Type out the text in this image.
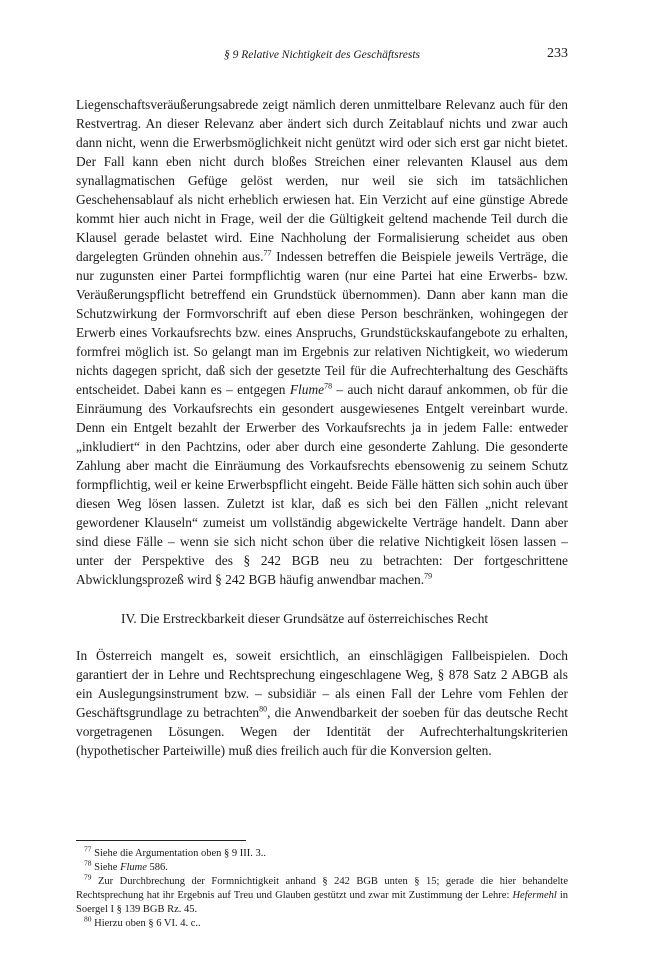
§ 9 Relative Nichtigkeit des Geschäftsrests	233

Liegenschaftsveräußerungsabrede zeigt nämlich deren unmittelbare Relevanz auch für den Restvertrag. An dieser Relevanz aber ändert sich durch Zeitablauf nichts und zwar auch dann nicht, wenn die Erwerbsmöglichkeit nicht genützt wird oder sich erst gar nicht bietet. Der Fall kann eben nicht durch bloßes Streichen einer relevanten Klausel aus dem synallagmatischen Gefüge gelöst werden, nur weil sie sich im tatsächlichen Geschehensablauf als nicht erheblich erwiesen hat. Ein Verzicht auf eine günstige Abrede kommt hier auch nicht in Frage, weil der die Gültigkeit geltend machende Teil durch die Klausel gerade belastet wird. Eine Nachholung der Formalisierung scheidet aus oben dargelegten Gründen ohnehin aus.$^{77}$ Indessen betreffen die Beispiele jeweils Verträge, die nur zugunsten einer Partei formpflichtig waren (nur eine Partei hat eine Erwerbs- bzw. Veräußerungspflicht betreffend ein Grundstück übernommen). Dann aber kann man die Schutzwirkung der Formvorschrift auf eben diese Person beschränken, wohingegen der Erwerb eines Vorkaufsrechts bzw. eines Anspruchs, Grundstückskaufangebote zu erhalten, formfrei möglich ist. So gelangt man im Ergebnis zur relativen Nichtigkeit, wo wiederum nichts dagegen spricht, daß sich der gesetzte Teil für die Aufrechterhaltung des Geschäfts entscheidet. Dabei kann es – entgegen Flume$^{78}$ – auch nicht darauf ankommen, ob für die Einräumung des Vorkaufsrechts ein gesondert ausgewiesenes Entgelt vereinbart wurde. Denn ein Entgelt bezahlt der Erwerber des Vorkaufsrechts ja in jedem Falle: entweder „inkludiert“ in den Pachtzins, oder aber durch eine gesonderte Zahlung. Die gesonderte Zahlung aber macht die Einräumung des Vorkaufsrechts ebensowenig zu seinem Schutz formpflichtig, weil er keine Erwerbspflicht eingeht. Beide Fälle hätten sich sohin auch über diesen Weg lösen lassen. Zuletzt ist klar, daß es sich bei den Fällen „nicht relevant gewordener Klauseln“ zumeist um vollständig abgewickelte Verträge handelt. Dann aber sind diese Fälle – wenn sie sich nicht schon über die relative Nichtigkeit lösen lassen – unter der Perspektive des § 242 BGB neu zu betrachten: Der fortgeschrittene Abwicklungsprozeß wird § 242 BGB häufig anwendbar machen.$^{79}$

IV. Die Erstreckbarkeit dieser Grundsätze auf österreichisches Recht

In Österreich mangelt es, soweit ersichtlich, an einschlägigen Fallbeispielen. Doch garantiert der in Lehre und Rechtsprechung eingeschlagene Weg, § 878 Satz 2 ABGB als ein Auslegungsinstrument bzw. – subsidiär – als einen Fall der Lehre vom Fehlen der Geschäftsgrundlage zu betrachten$^{80}$, die Anwendbarkeit der soeben für das deutsche Recht vorgetragenen Lösungen. Wegen der Identität der Aufrechterhaltungskriterien (hypothetischer Parteiwille) muß dies freilich auch für die Konversion gelten.

$^{77}$ Siehe die Argumentation oben § 9 III. 3..

$^{78}$ Siehe Flume 586.

$^{79}$ Zur Durchbrechung der Formnichtigkeit anhand § 242 BGB unten § 15; gerade die hier behandelte Rechtsprechung hat ihr Ergebnis auf Treu und Glauben gestützt und zwar mit Zustimmung der Lehre: Hefermehl in Soergel I § 139 BGB Rz. 45.

$^{80}$ Hierzu oben § 6 VI. 4. c..
